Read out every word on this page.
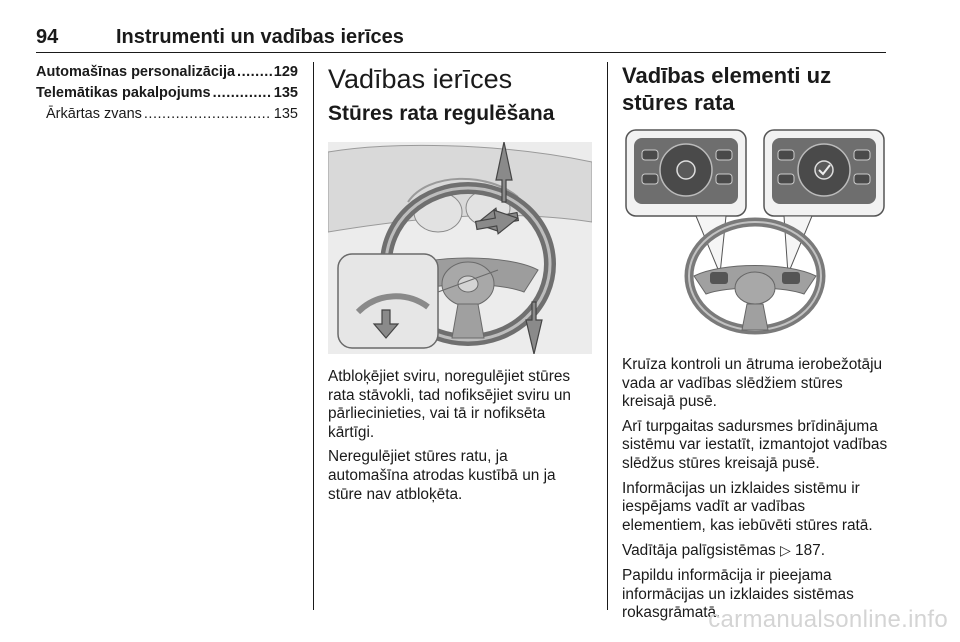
94	Instrumenti un vadības ierīces
Automašīnas personalizācija .....	129
Telemātikas pakalpojums .....	135
Ārkārtas zvans .....	135
Vadības ierīces
Stūres rata regulēšana

Atbloķējiet sviru, noregulējiet stūres rata stāvokli, tad nofiksējiet sviru un pārliecinieties, vai tā ir nofiksēta kārtīgi.

Neregulējiet stūres ratu, ja automašīna atrodas kustībā un ja stūre nav atbloķēta.

Vadības elementi uz stūres rata

Kruīza kontroli un ātruma ierobežotāju vada ar vadības slēdžiem stūres kreisajā pusē.

Arī turpgaitas sadursmes brīdinājuma sistēmu var iestatīt, izmantojot vadības slēdžus stūres kreisajā pusē.

Informācijas un izklaides sistēmu ir iespējams vadīt ar vadības elementiem, kas iebūvēti stūres ratā.

Vadītāja palīgsistēmas ▷ 187.

Papildu informācija ir pieejama informācijas un izklaides sistēmas rokasgrāmatā.

carmanualsonline.info
